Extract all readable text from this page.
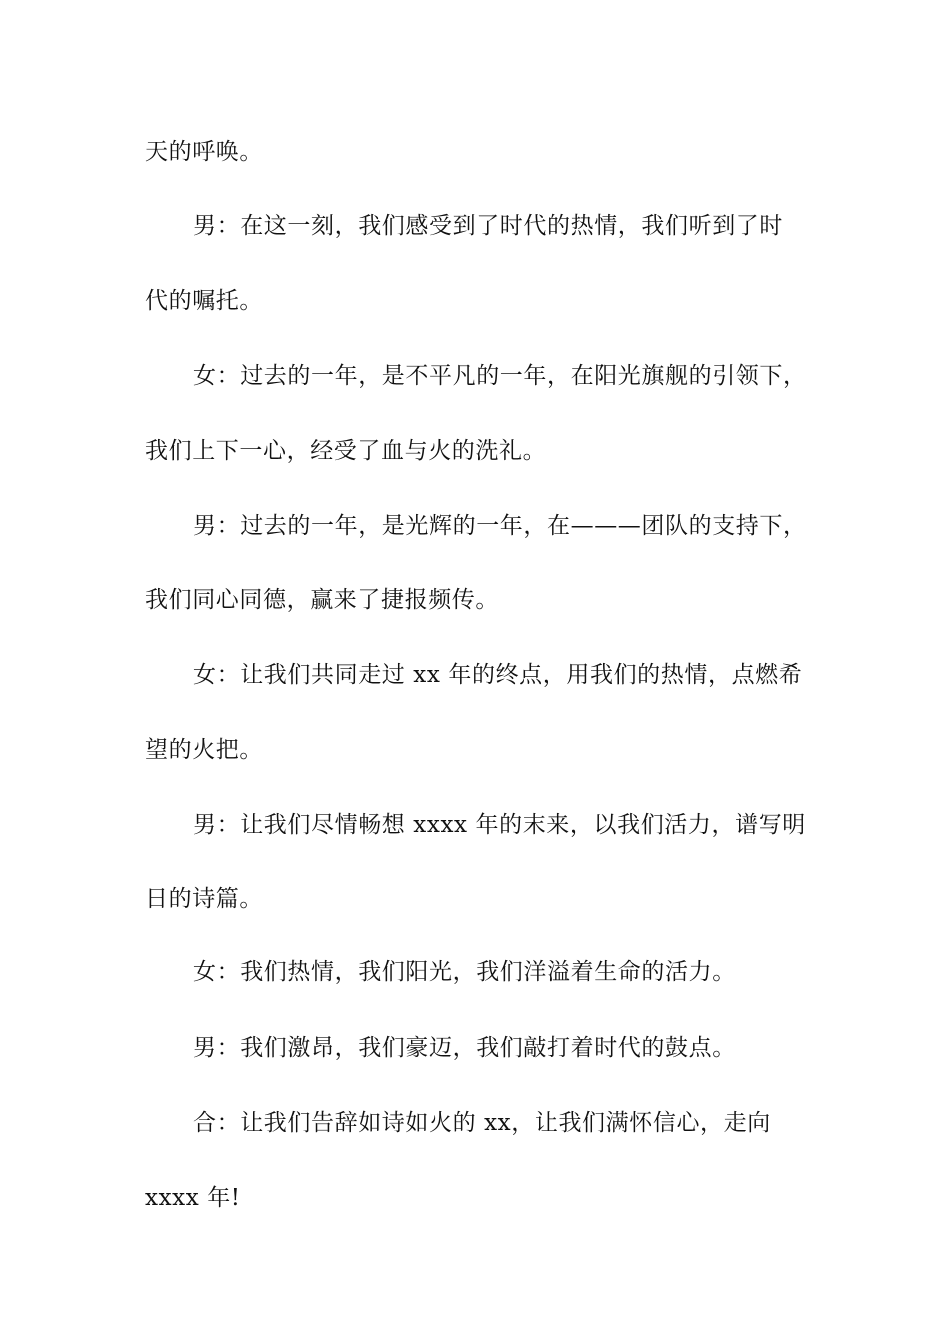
天的呼唤。
男：在这一刻，我们感受到了时代的热情，我们听到了时
代的嘱托。
女：过去的一年，是不平凡的一年，在阳光旗舰的引领下，
我们上下一心，经受了血与火的洗礼。
男：过去的一年，是光辉的一年，在———团队的支持下，
我们同心同德，赢来了捷报频传。
女：让我们共同走过 xx 年的终点，用我们的热情，点燃希
望的火把。
男：让我们尽情畅想 xxxx 年的末来，以我们活力，谱写明
日的诗篇。
女：我们热情，我们阳光，我们洋溢着生命的活力。
男：我们激昂，我们豪迈，我们敲打着时代的鼓点。
合：让我们告辞如诗如火的 xx，让我们满怀信心，走向
xxxx 年!
